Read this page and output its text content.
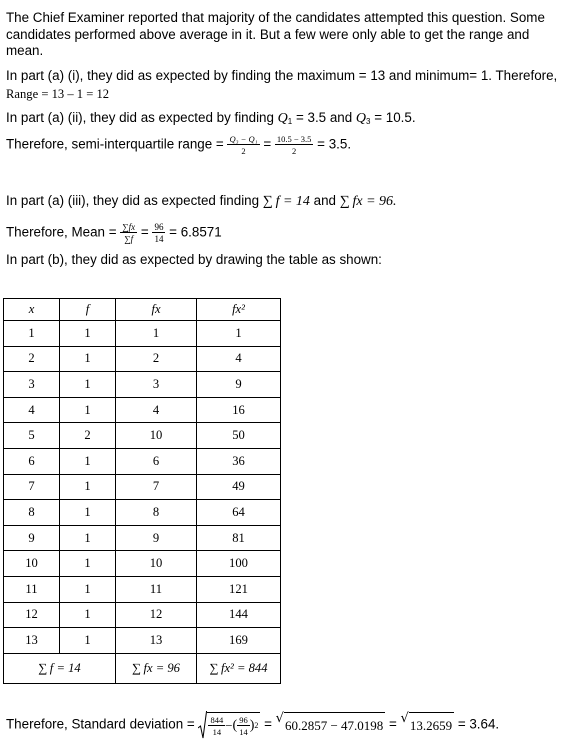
The Chief Examiner reported that majority of the candidates attempted this question. Some
candidates performed above average in it. But a few were only able to get the range and
mean.
In part (a) (i), they did as expected by finding the maximum = 13 and minimum= 1. Therefore,
Range = 13 – 1 = 12
In part (a) (ii), they did as expected by finding $Q_1 = 3.5$ and $Q_3 = 10.5$.
Therefore, semi-interquartile range = $\frac{\text{Q₃ − Q₁}}{2} = \frac{10.5 - 3.5}{2} = 3.5$.
In part (a) (iii), they did as expected finding ∑ f = 14 and ∑ fx = 96.
Therefore, Mean = $\frac{\sum fx}{\sum f} = \frac{96}{14} = 6.8571$
In part (b), they did as expected by drawing the table as shown:
x	f	fx	fx²
1	1	1	1
2	1	2	4
3	1	3	9
4	1	4	16
5	2	10	50
6	1	6	36
7	1	7	49
8	1	8	64
9	1	9	81
10	1	10	100
11	1	11	121
12	1	12	144
13	1	13	169
∑ f = 14		∑ fx = 96	∑ fx² = 844
Therefore, Standard deviation = $\frac{844}{14}$ − ( $\frac{96}{14}$ ) 2 = √ 60.2857 − 47.0198 = √ 13.2659 = 3.64.
